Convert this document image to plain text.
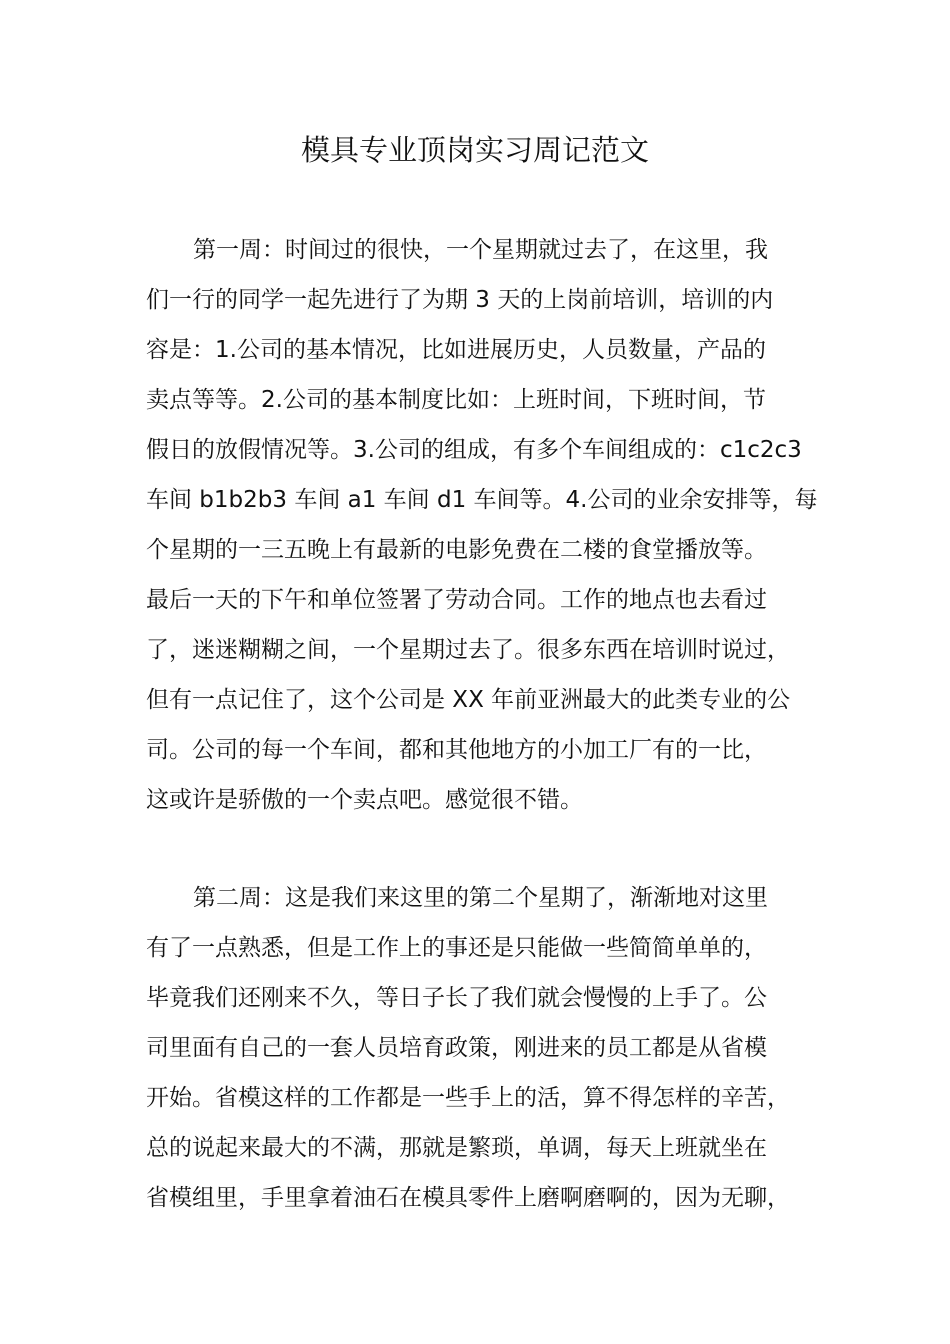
模具专业顶岗实习周记范文
第一周：时间过的很快，一个星期就过去了，在这里，我
们一行的同学一起先进行了为期 3 天的上岗前培训，培训的内
容是：1.公司的基本情况，比如进展历史，人员数量，产品的
卖点等等。2.公司的基本制度比如：上班时间，下班时间，节
假日的放假情况等。3.公司的组成，有多个车间组成的：c1c2c3
车间 b1b2b3 车间 a1 车间 d1 车间等。4.公司的业余安排等，每
个星期的一三五晚上有最新的电影免费在二楼的食堂播放等。
最后一天的下午和单位签署了劳动合同。工作的地点也去看过
了，迷迷糊糊之间，一个星期过去了。很多东西在培训时说过，
但有一点记住了，这个公司是 XX 年前亚洲最大的此类专业的公
司。公司的每一个车间，都和其他地方的小加工厂有的一比，
这或许是骄傲的一个卖点吧。感觉很不错。
第二周：这是我们来这里的第二个星期了，渐渐地对这里
有了一点熟悉，但是工作上的事还是只能做一些简简单单的，
毕竟我们还刚来不久，等日子长了我们就会慢慢的上手了。公
司里面有自己的一套人员培育政策，刚进来的员工都是从省模
开始。省模这样的工作都是一些手上的活，算不得怎样的辛苦，
总的说起来最大的不满，那就是繁琐，单调，每天上班就坐在
省模组里，手里拿着油石在模具零件上磨啊磨啊的，因为无聊，
